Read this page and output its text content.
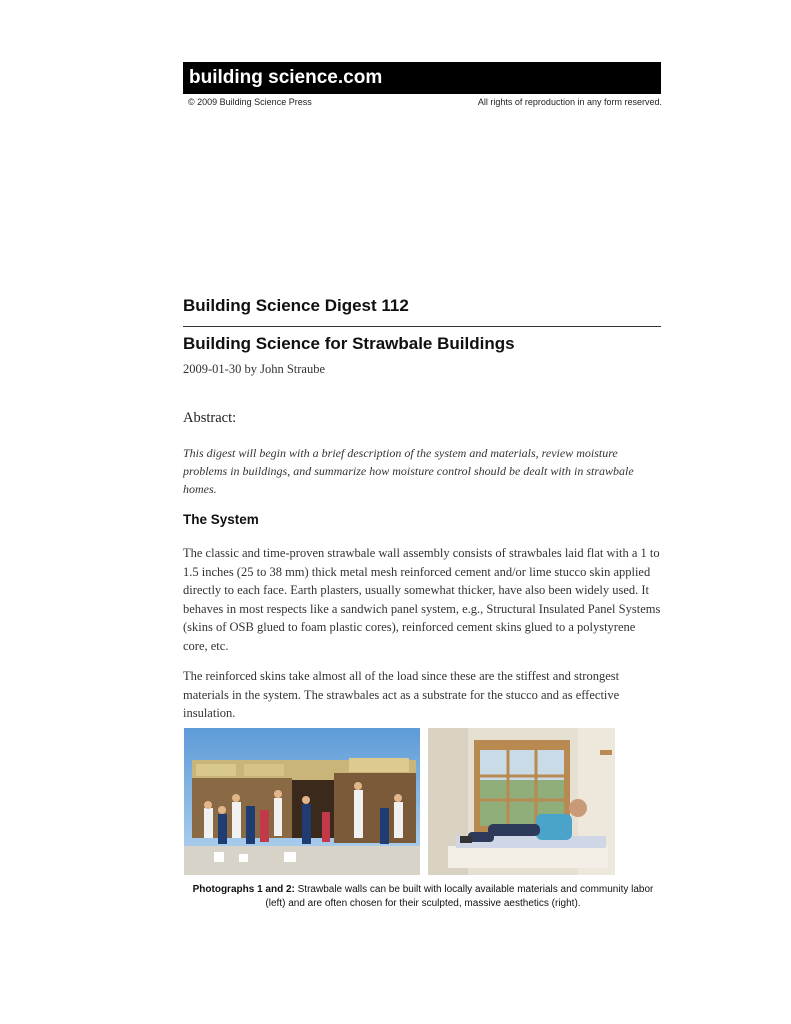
building science.com
© 2009 Building Science Press	All rights of reproduction in any form reserved.
Building Science Digest 112
Building Science for Strawbale Buildings
2009-01-30 by John Straube
Abstract:
This digest will begin with a brief description of the system and materials, review moisture problems in buildings, and summarize how moisture control should be dealt with in strawbale homes.
The System
The classic and time-proven strawbale wall assembly consists of strawbales laid flat with a 1 to 1.5 inches (25 to 38 mm) thick metal mesh reinforced cement and/or lime stucco skin applied directly to each face. Earth plasters, usually somewhat thicker, have also been widely used. It behaves in most respects like a sandwich panel system, e.g., Structural Insulated Panel Systems (skins of OSB glued to foam plastic cores), reinforced cement skins glued to a polystyrene core, etc.
The reinforced skins take almost all of the load since these are the stiffest and strongest materials in the system. The strawbales act as a substrate for the stucco and as effective insulation.
Photographs 1 and 2: Strawbale walls can be built with locally available materials and community labor (left) and are often chosen for their sculpted, massive aesthetics (right).
